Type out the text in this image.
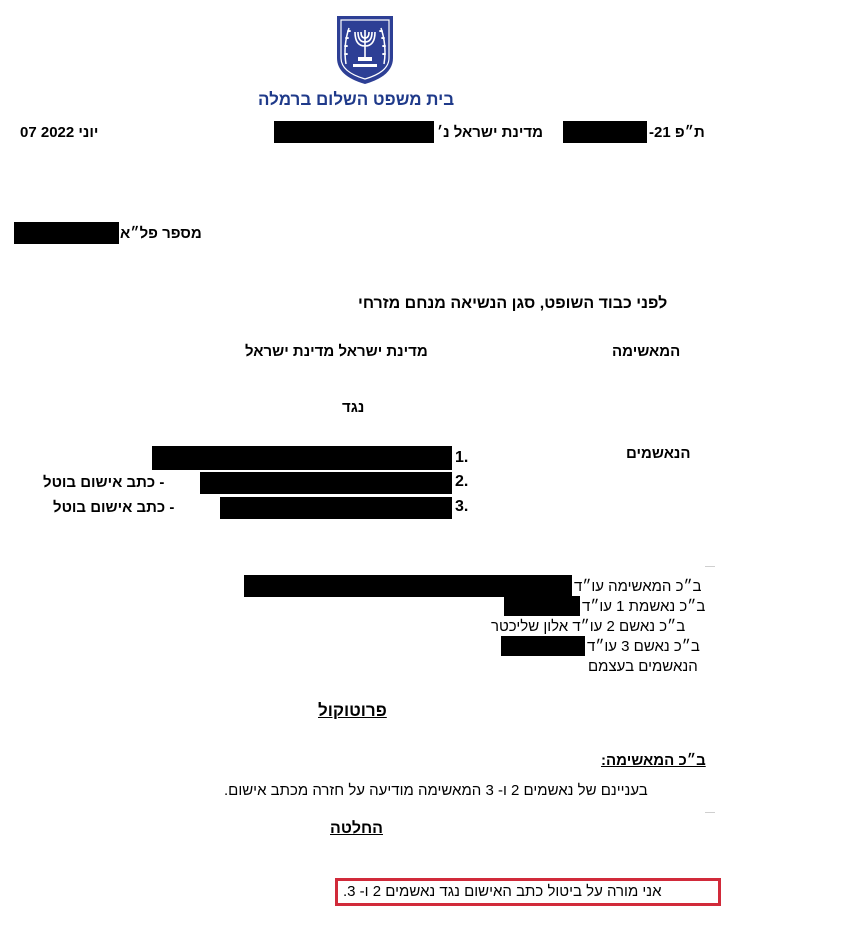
בית משפט השלום ברמלה
07 יוני 2022	מדינת ישראל נ׳	ת״פ 21-
מספר פל״א
לפני כבוד השופט, סגן הנשיאה מנחם מזרחי
המאשימה
מדינת ישראל מדינת ישראל
נגד
הנאשמים
1.
- כתב אישום בוטל	2.
- כתב אישום בוטל	3.
ב״כ המאשימה עו״ד
ב״כ נאשמת 1 עו״ד
ב״כ נאשם 2 עו״ד אלון שליכטר
ב״כ נאשם 3 עו״ד
הנאשמים בעצמם
פרוטוקול
ב״כ המאשימה:
בעניינם של נאשמים 2 ו- 3 המאשימה מודיעה על חזרה מכתב אישום.
החלטה
אני מורה על ביטול כתב האישום נגד נאשמים 2 ו- 3.
